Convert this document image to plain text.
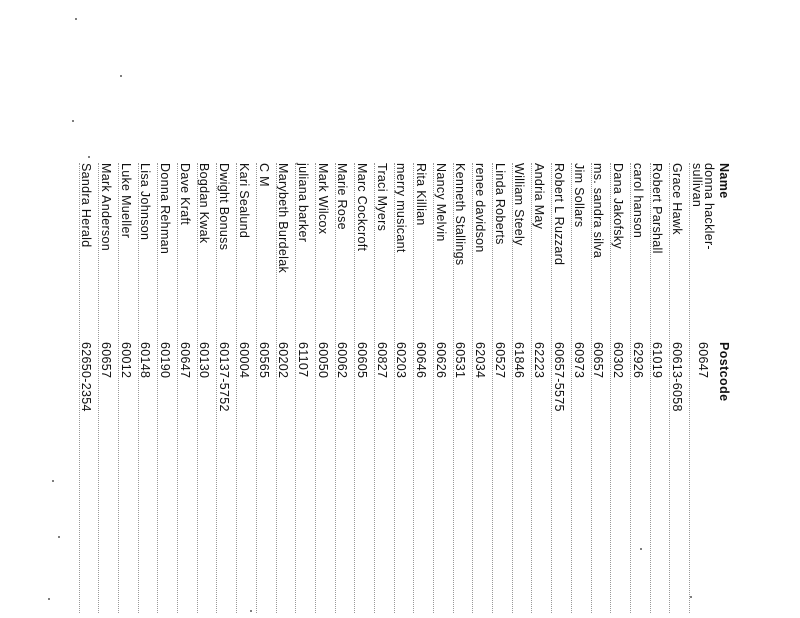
Name
Postcode
donna hackler-
sullivan
60647
Grace Hawk
60613-6058
Robert Parshall
61019
carol hanson
62926
Dana Jakofsky
60302
ms. sandra silva
60657
Jim Sollars
60973
Robert L Ruzzard
60657-5575
Andria May
62223
William Steely
61846
Linda Roberts
60527
renee davidson
62034
Kenneth Stallings
60531
Nancy Melvin
60626
Rita Killian
60646
merry musicant
60203
Traci Myers
60827
Marc Cockcroft
60605
Marie Rose
60062
Mark Wilcox
60050
juliana barker
61107
Marybeth Burdelak
60202
C M
60565
Kari Sealund
60004
Dwight Bonuss
60137-5752
Bogdan Kwak
60130
Dave Kraft
60647
Donna Rehman
60190
Lisa Johnson
60148
Luke Mueller
60012
Mark Anderson
60657
Sandra Herald
62650-2354
